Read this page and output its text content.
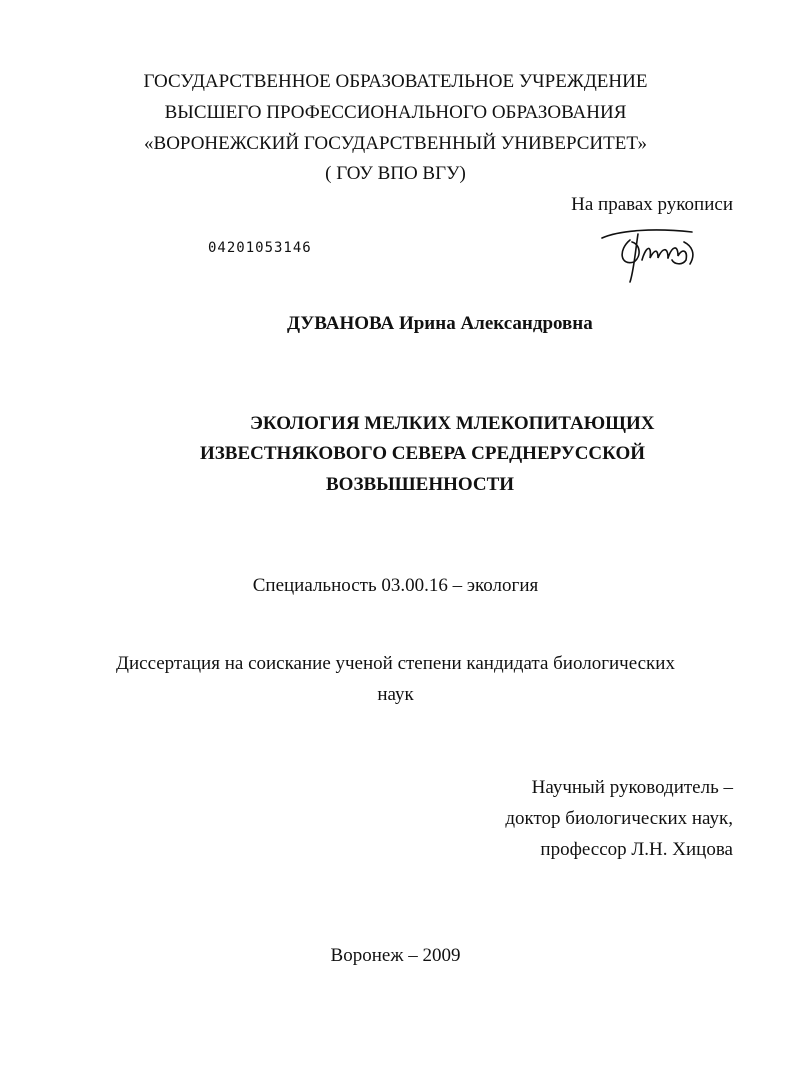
ГОСУДАРСТВЕННОЕ ОБРАЗОВАТЕЛЬНОЕ УЧРЕЖДЕНИЕ
ВЫСШЕГО ПРОФЕССИОНАЛЬНОГО ОБРАЗОВАНИЯ
«ВОРОНЕЖСКИЙ ГОСУДАРСТВЕННЫЙ УНИВЕРСИТЕТ»
( ГОУ ВПО ВГУ)
На правах рукописи
04201053146
ДУВАНОВА Ирина Александровна
ЭКОЛОГИЯ МЕЛКИХ МЛЕКОПИТАЮЩИХ
ИЗВЕСТНЯКОВОГО СЕВЕРА СРЕДНЕРУССКОЙ
ВОЗВЫШЕННОСТИ
Специальность 03.00.16 – экология
Диссертация на соискание ученой степени кандидата биологических
наук
Научный руководитель –
доктор биологических наук,
профессор Л.Н. Хицова
Воронеж – 2009
